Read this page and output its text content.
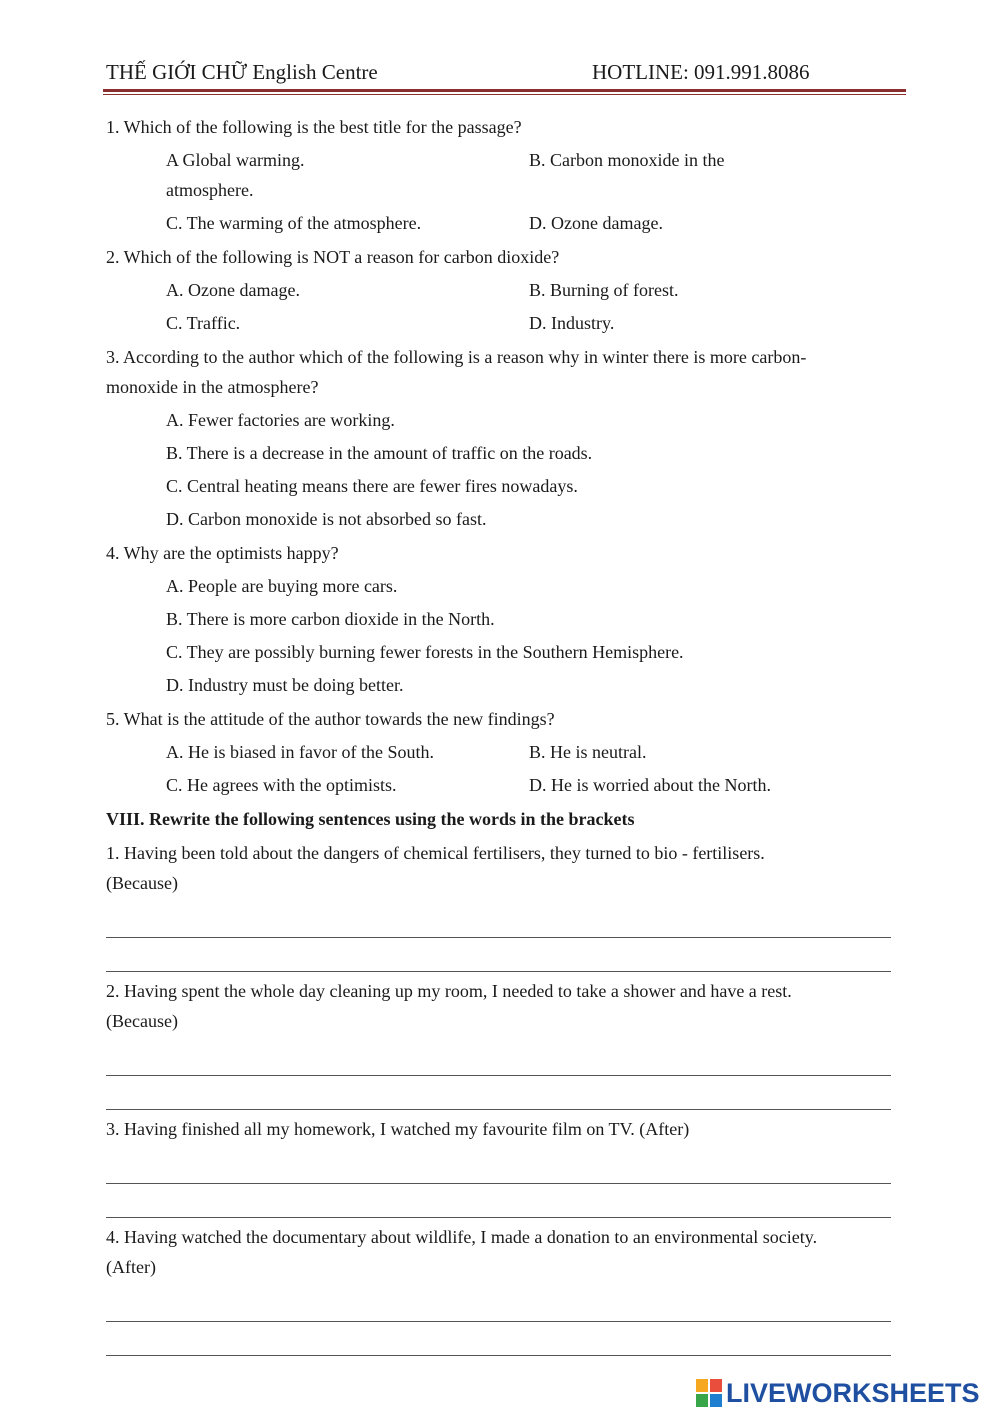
THẾ GIỚI CHỮ English Centre	HOTLINE: 091.991.8086

1. Which of the following is the best title for the passage?

A Global warming.	B. Carbon monoxide in the
atmosphere.
C. The warming of the atmosphere.	D. Ozone damage.

2. Which of the following is NOT a reason for carbon dioxide?

A. Ozone damage.	B. Burning of forest.
C. Traffic.	D. Industry.

3. According to the author which of the following is a reason why in winter there is more carbon-

monoxide in the atmosphere?

A. Fewer factories are working.
B. There is a decrease in the amount of traffic on the roads.
C. Central heating means there are fewer fires nowadays.
D. Carbon monoxide is not absorbed so fast.

4. Why are the optimists happy?

A. People are buying more cars.
B. There is more carbon dioxide in the North.
C. They are possibly burning fewer forests in the Southern Hemisphere.
D. Industry must be doing better.

5. What is the attitude of the author towards the new findings?

A. He is biased in favor of the South.	B. He is neutral.
C. He agrees with the optimists.	D. He is worried about the North.
VIII. Rewrite the following sentences using the words in the brackets
1. Having been told about the dangers of chemical fertilisers, they turned to bio - fertilisers.
(Because)
2. Having spent the whole day cleaning up my room, I needed to take a shower and have a rest.
(Because)
3. Having finished all my homework, I watched my favourite film on TV. (After)
4. Having watched the documentary about wildlife, I made a donation to an environmental society.
(After)
LIVEWORKSHEETS
